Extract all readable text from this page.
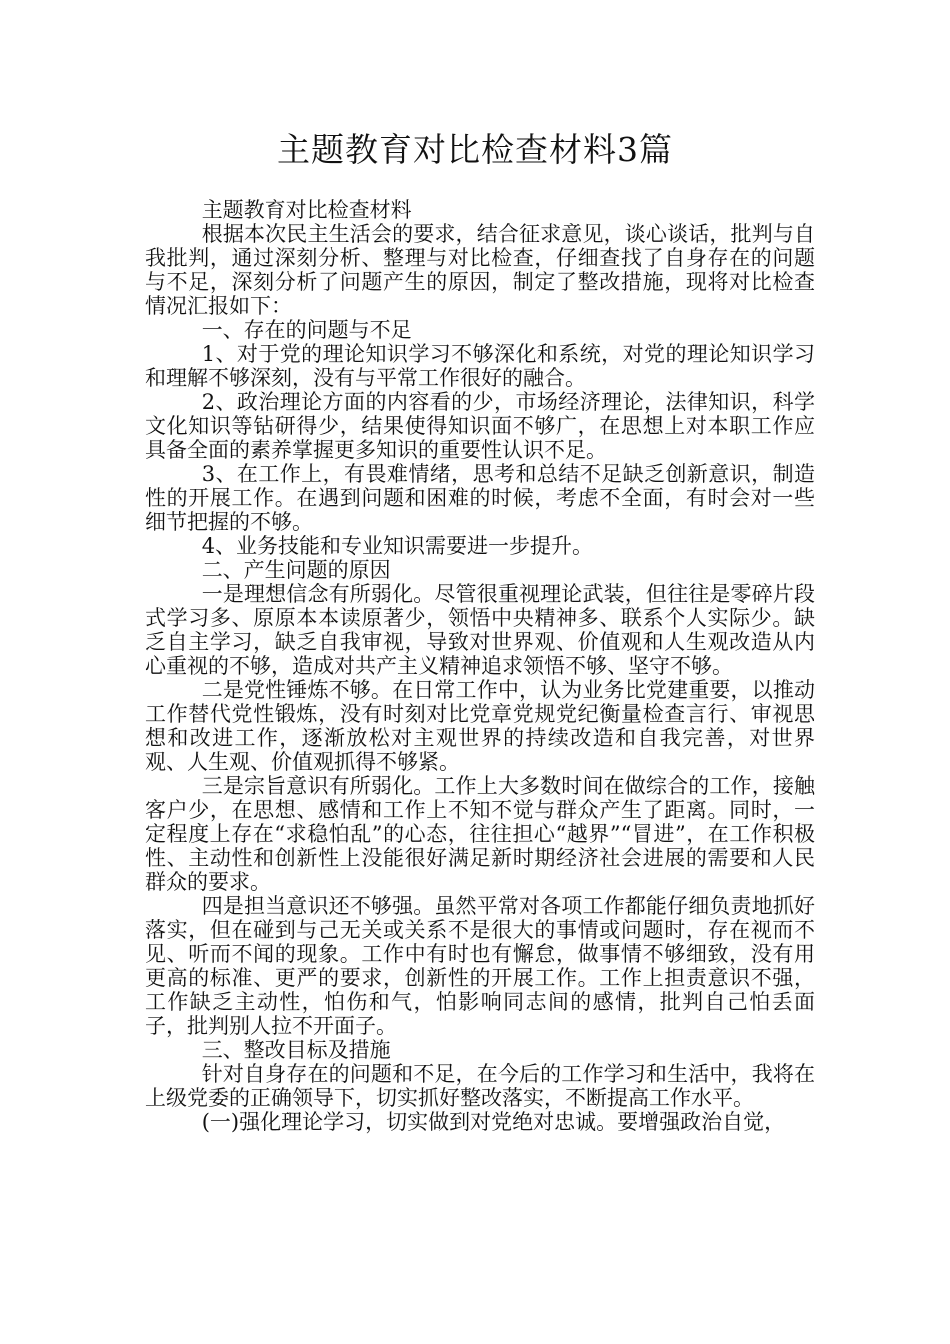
主题教育对比检查材料3篇

主题教育对比检查材料

根据本次民主生活会的要求，结合征求意见，谈心谈话，批判与自我批判，通过深刻分析、整理与对比检查，仔细查找了自身存在的问题与不足，深刻分析了问题产生的原因，制定了整改措施，现将对比检查情况汇报如下：

一、存在的问题与不足

1、对于党的理论知识学习不够深化和系统，对党的理论知识学习和理解不够深刻，没有与平常工作很好的融合。

2、政治理论方面的内容看的少，市场经济理论，法律知识，科学文化知识等钻研得少，结果使得知识面不够广，在思想上对本职工作应具备全面的素养掌握更多知识的重要性认识不足。

3、在工作上，有畏难情绪，思考和总结不足缺乏创新意识，制造性的开展工作。在遇到问题和困难的时候，考虑不全面，有时会对一些细节把握的不够。

4、业务技能和专业知识需要进一步提升。

二、产生问题的原因

一是理想信念有所弱化。尽管很重视理论武装，但往往是零碎片段式学习多、原原本本读原著少，领悟中央精神多、联系个人实际少。缺乏自主学习，缺乏自我审视，导致对世界观、价值观和人生观改造从内心重视的不够，造成对共产主义精神追求领悟不够、坚守不够。

二是党性锤炼不够。在日常工作中，认为业务比党建重要，以推动工作替代党性锻炼，没有时刻对比党章党规党纪衡量检查言行、审视思想和改进工作，逐渐放松对主观世界的持续改造和自我完善，对世界观、人生观、价值观抓得不够紧。

三是宗旨意识有所弱化。工作上大多数时间在做综合的工作，接触客户少，在思想、感情和工作上不知不觉与群众产生了距离。同时，一定程度上存在“求稳怕乱”的心态，往往担心“越界”“冒进”，在工作积极性、主动性和创新性上没能很好满足新时期经济社会进展的需要和人民群众的要求。

四是担当意识还不够强。虽然平常对各项工作都能仔细负责地抓好落实，但在碰到与己无关或关系不是很大的事情或问题时，存在视而不见、听而不闻的现象。工作中有时也有懈怠，做事情不够细致，没有用更高的标准、更严的要求，创新性的开展工作。工作上担责意识不强，工作缺乏主动性，怕伤和气，怕影响同志间的感情，批判自己怕丢面子，批判别人拉不开面子。

三、整改目标及措施

针对自身存在的问题和不足，在今后的工作学习和生活中，我将在上级党委的正确领导下，切实抓好整改落实，不断提高工作水平。

(一)强化理论学习，切实做到对党绝对忠诚。要增强政治自觉，
